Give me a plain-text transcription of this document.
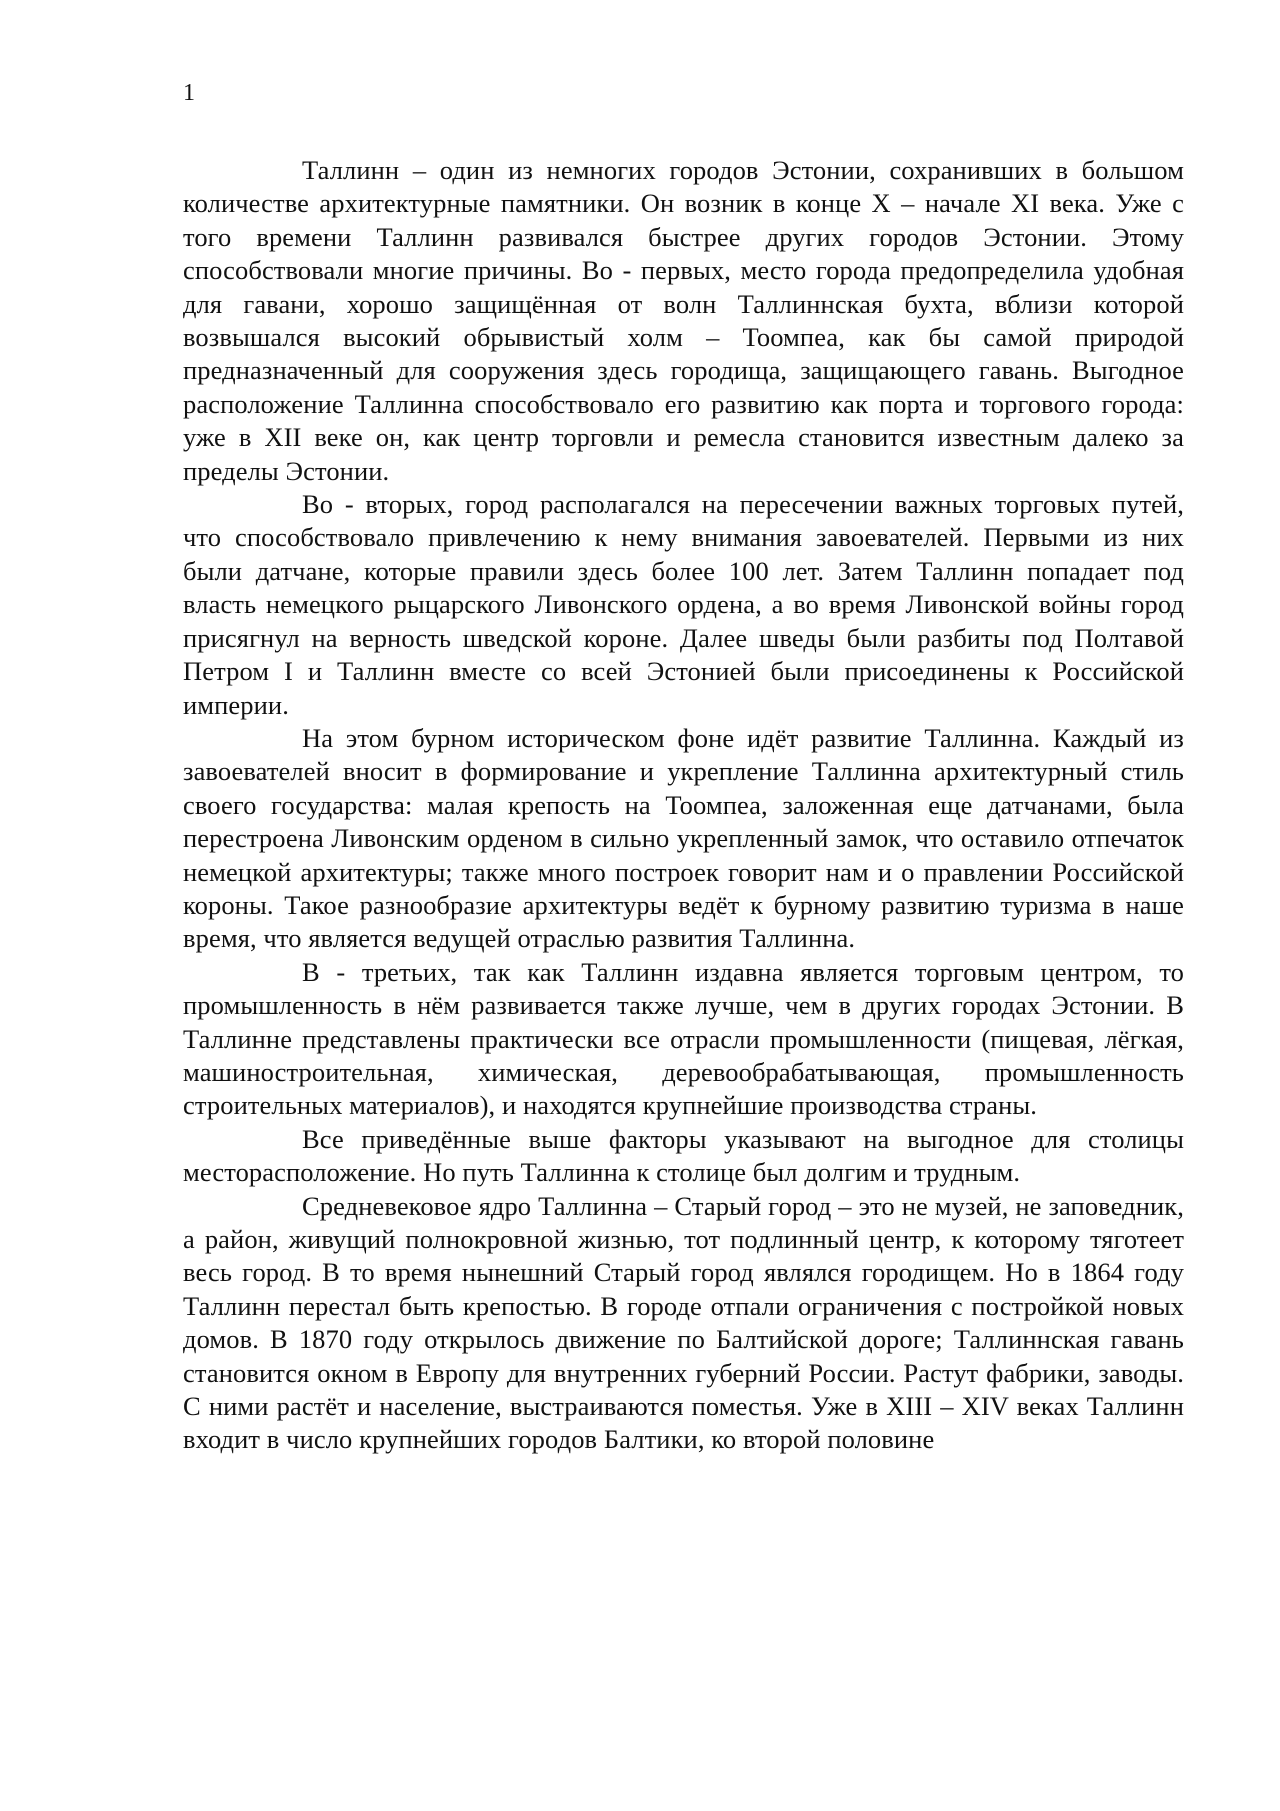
1

Таллинн – один из немногих городов Эстонии, сохранивших в большом количестве архитектурные памятники. Он возник в конце X – начале XI века. Уже с того времени Таллинн развивался быстрее других городов Эстонии. Этому способствовали многие причины. Во - первых, место города предопределила удобная для гавани, хорошо защищённая от волн Таллиннская бухта, вблизи которой возвышался высокий обрывистый холм – Тоомпеа, как бы самой природой предназначенный для сооружения здесь городища, защищающего гавань. Выгодное расположение Таллинна способствовало его развитию как порта и торгового города: уже в XII веке он, как центр торговли и ремесла становится известным далеко за пределы Эстонии.

Во - вторых, город располагался на пересечении важных торговых путей, что способствовало привлечению к нему внимания завоевателей. Первыми из них были датчане, которые правили здесь более 100 лет. Затем Таллинн попадает под власть немецкого рыцарского Ливонского ордена, а во время Ливонской войны город присягнул на верность шведской короне. Далее шведы были разбиты под Полтавой Петром I и Таллинн вместе со всей Эстонией были присоединены к Российской империи.

На этом бурном историческом фоне идёт развитие Таллинна. Каждый из завоевателей вносит в формирование и укрепление Таллинна архитектурный стиль своего государства: малая крепость на Тоомпеа, заложенная еще датчанами, была перестроена Ливонским орденом в сильно укрепленный замок, что оставило отпечаток немецкой архитектуры; также много построек говорит нам и о правлении Российской короны. Такое разнообразие архитектуры ведёт к бурному развитию туризма в наше время, что является ведущей отраслью развития Таллинна.

В - третьих, так как Таллинн издавна является торговым центром, то промышленность в нём развивается также лучше, чем в других городах Эстонии. В Таллинне представлены практически все отрасли промышленности (пищевая, лёгкая, машиностроительная, химическая, деревообрабатывающая, промышленность строительных материалов), и находятся крупнейшие производства страны.

Все приведённые выше факторы указывают на выгодное для столицы месторасположение. Но путь Таллинна к столице был долгим и трудным.

Средневековое ядро Таллинна – Старый город – это не музей, не заповедник, а район, живущий полнокровной жизнью, тот подлинный центр, к которому тяготеет весь город. В то время нынешний Старый город являлся городищем. Но в 1864 году Таллинн перестал быть крепостью. В городе отпали ограничения с постройкой новых домов. В 1870 году открылось движение по Балтийской дороге; Таллиннская гавань становится окном в Европу для внутренних губерний России. Растут фабрики, заводы. С ними растёт и население, выстраиваются поместья. Уже в XIII – XIV веках Таллинн входит в число крупнейших городов Балтики, ко второй половине
